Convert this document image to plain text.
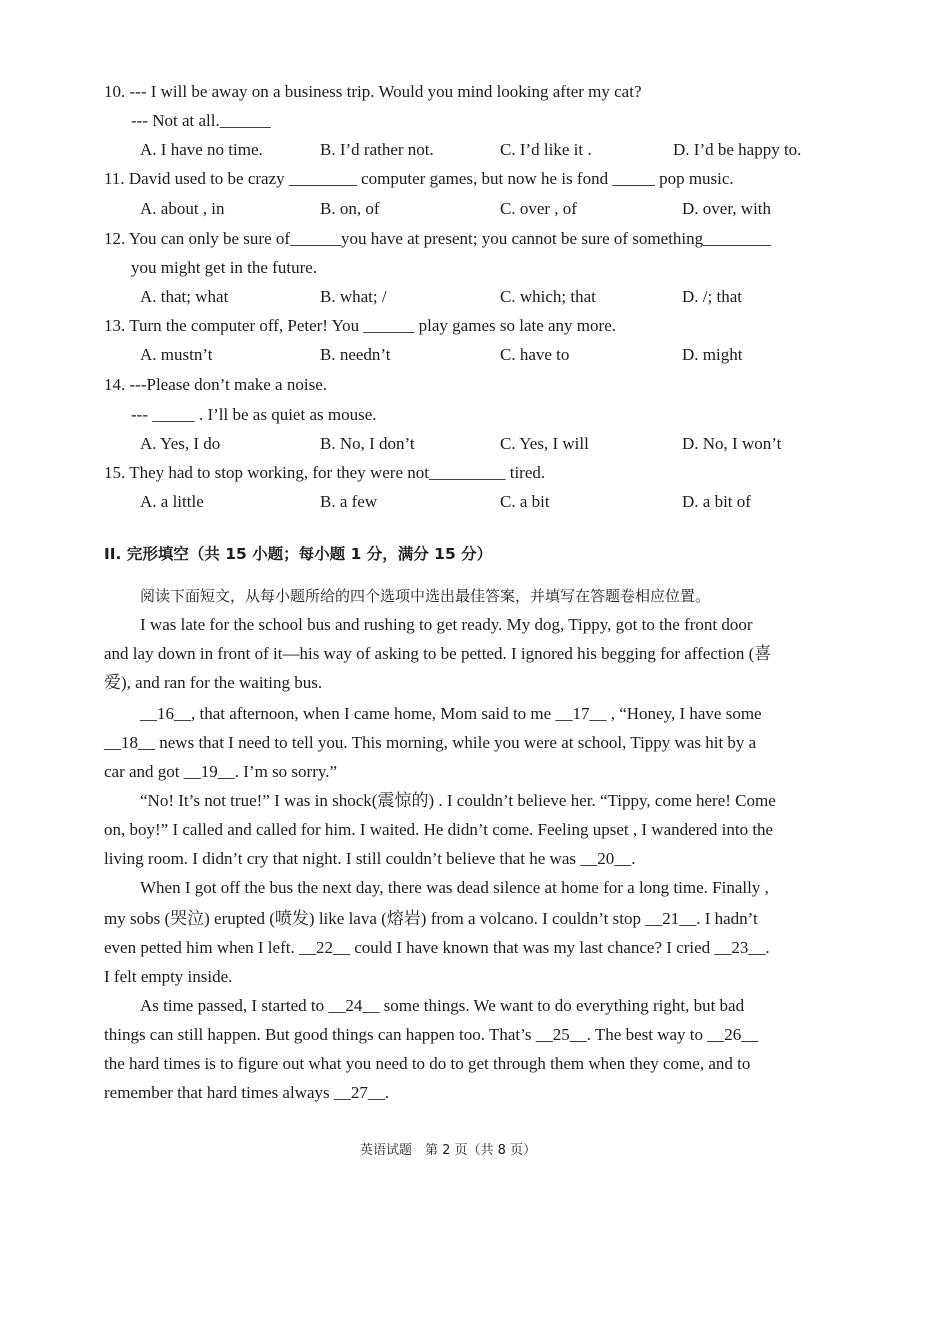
10. --- I will be away on a business trip. Would you mind looking after my cat?
--- Not at all.______
A. I have no time.	B. I’d rather not.	C. I’d like it .	D. I’d be happy to.
11. David used to be crazy ________ computer games, but now he is fond _____ pop music.
A. about , in	B. on, of	C. over , of	D. over, with
12. You can only be sure of______you have at present; you cannot be sure of something________
you might get in the future.
A. that; what	B. what; /	C. which; that	D. /; that
13. Turn the computer off, Peter! You ______ play games so late any more.
A. mustn’t	B. needn’t	C. have to	D. might
14. ---Please don’t make a noise.
--- _____ . I’ll be as quiet as mouse.
A. Yes, I do	B. No, I don’t	C. Yes, I will	D. No, I won’t
15. They had to stop working, for they were not_________ tired.
A. a little	B. a few	C. a bit	D. a bit of
II. 完形填空（共 15 小题；每小题 1 分，满分 15 分）
阅读下面短文，从每小题所给的四个选项中选出最佳答案，并填写在答题卷相应位置。
I was late for the school bus and rushing to get ready. My dog, Tippy, got to the front door
and lay down in front of it—his way of asking to be petted. I ignored his begging for affection (喜
爱), and ran for the waiting bus.
__16__, that afternoon, when I came home, Mom said to me __17__ , “Honey, I have some
__18__ news that I need to tell you. This morning, while you were at school, Tippy was hit by a
car and got __19__. I’m so sorry.”
“No! It’s not true!” I was in shock(震惊的) . I couldn’t believe her. “Tippy, come here! Come
on, boy!” I called and called for him. I waited. He didn’t come. Feeling upset , I wandered into the
living room. I didn’t cry that night. I still couldn’t believe that he was __20__.
When I got off the bus the next day, there was dead silence at home for a long time. Finally ,
my sobs (哭泣) erupted (喷发) like lava (熔岩) from a volcano. I couldn’t stop __21__. I hadn’t
even petted him when I left. __22__ could I have known that was my last chance? I cried __23__.
I felt empty inside.
As time passed, I started to __24__ some things. We want to do everything right, but bad
things can still happen. But good things can happen too. That’s __25__. The best way to __26__
the hard times is to figure out what you need to do to get through them when they come, and to
remember that hard times always __27__.
英语试题　第 2 页（共 8 页）
